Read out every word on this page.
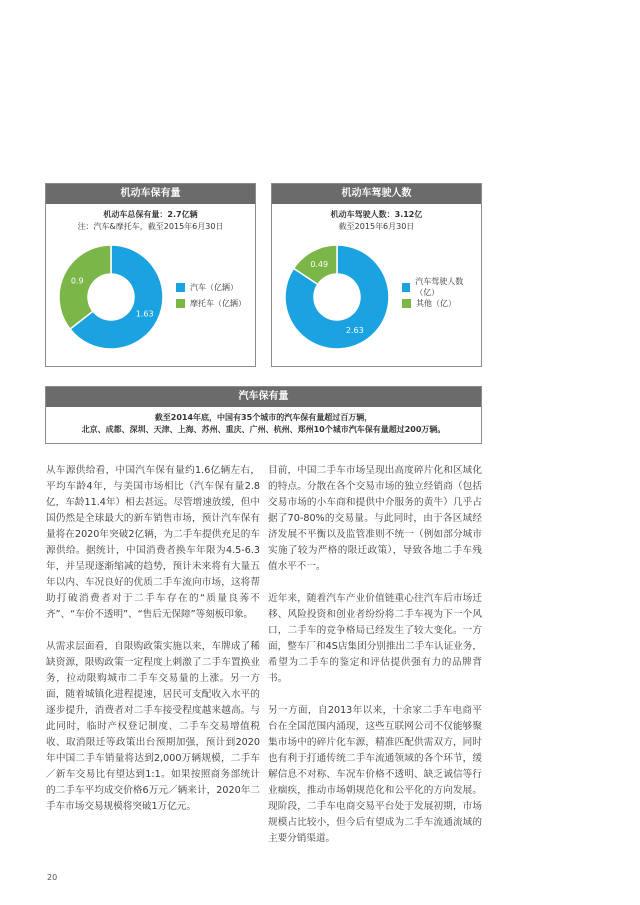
机动车保有量
机动车总保有量：2.7亿辆
注：汽车&摩托车，截至2015年6月30日
1.63
0.9
汽车（亿辆）
摩托车（亿辆）
机动车驾驶人数
机动车驾驶人数：3.12亿
截至2015年6月30日
2.63
0.49
汽车驾驶人数（亿）
其他（亿）
汽车保有量
截至2014年底，中国有35个城市的汽车保有量超过百万辆，
北京、成都、深圳、天津、上海、苏州、重庆、广州、杭州、郑州10个城市汽车保有量超过200万辆。

从车源供给看，中国汽车保有量约1.6亿辆左右，平均车龄4年，与美国市场相比（汽车保有量2.8亿，车龄11.4年）相去甚远。尽管增速放缓，但中国仍然是全球最大的新车销售市场，预计汽车保有量将在2020年突破2亿辆，为二手车提供充足的车源供给。据统计，中国消费者换车年限为4.5-6.3年，并呈现逐渐缩减的趋势，预计未来将有大量五年以内、车况良好的优质二手车流向市场，这将帮助打破消费者对于二手车存在的“质量良莠不齐”、“车价不透明”、“售后无保障”等刻板印象。

从需求层面看，自限购政策实施以来，车牌成了稀缺资源，限购政策一定程度上刺激了二手车置换业务，拉动限购城市二手车交易量的上涨。另一方面，随着城镇化进程提速，居民可支配收入水平的逐步提升，消费者对二手车接受程度越来越高。与此同时，临时产权登记制度、二手车交易增值税收、取消限迁等政策出台预期加强，预计到2020年中国二手车销量将达到2,000万辆规模，二手车／新车交易比有望达到1:1。如果按照商务部统计的二手车平均成交价格6万元／辆来计，2020年二手车市场交易规模将突破1万亿元。

目前，中国二手车市场呈现出高度碎片化和区域化的特点。分散在各个交易市场的独立经销商（包括交易市场的小车商和提供中介服务的黄牛）几乎占据了70-80%的交易量。与此同时，由于各区域经济发展不平衡以及监管准则不统一（例如部分城市实施了较为严格的限迁政策），导致各地二手车残值水平不一。

近年来，随着汽车产业价值链重心往汽车后市场迁移、风险投资和创业者纷纷将二手车视为下一个风口，二手车的竞争格局已经发生了较大变化。一方面，整车厂和4S店集团分别推出二手车认证业务，希望为二手车的鉴定和评估提供强有力的品牌背书。

另一方面，自2013年以来，十余家二手车电商平台在全国范围内涌现，这些互联网公司不仅能够聚集市场中的碎片化车源，精准匹配供需双方，同时也有利于打通传统二手车流通领域的各个环节，缓解信息不对称、车况车价格不透明、缺乏诚信等行业痼疾，推动市场朝规范化和公平化的方向发展。现阶段，二手车电商交易平台处于发展初期，市场规模占比较小，但今后有望成为二手车流通流域的主要分销渠道。

20
